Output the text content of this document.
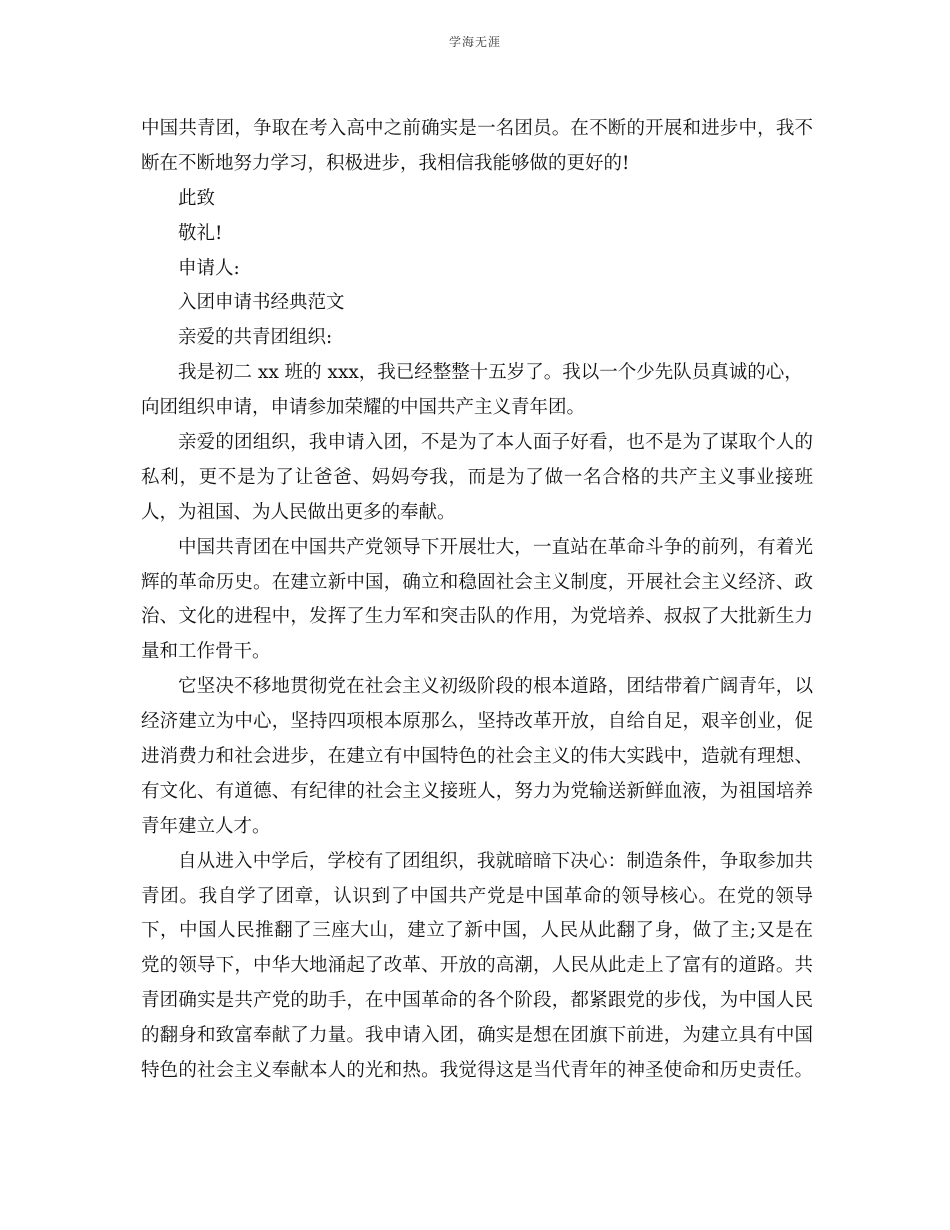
学海无涯
中国共青团，争取在考入高中之前确实是一名团员。在不断的开展和进步中，我不
断在不断地努力学习，积极进步，我相信我能够做的更好的!
此致
敬礼!
申请人:
入团申请书经典范文
亲爱的共青团组织:
我是初二 xx 班的 xxx，我已经整整十五岁了。我以一个少先队员真诚的心，
向团组织申请，申请参加荣耀的中国共产主义青年团。
亲爱的团组织，我申请入团，不是为了本人面子好看，也不是为了谋取个人的
私利，更不是为了让爸爸、妈妈夸我，而是为了做一名合格的共产主义事业接班
人，为祖国、为人民做出更多的奉献。
中国共青团在中国共产党领导下开展壮大，一直站在革命斗争的前列，有着光
辉的革命历史。在建立新中国，确立和稳固社会主义制度，开展社会主义经济、政
治、文化的进程中，发挥了生力军和突击队的作用，为党培养、叔叔了大批新生力
量和工作骨干。
它坚决不移地贯彻党在社会主义初级阶段的根本道路，团结带着广阔青年，以
经济建立为中心，坚持四项根本原那么，坚持改革开放，自给自足，艰辛创业，促
进消费力和社会进步，在建立有中国特色的社会主义的伟大实践中，造就有理想、
有文化、有道德、有纪律的社会主义接班人，努力为党输送新鲜血液，为祖国培养
青年建立人才。
自从进入中学后，学校有了团组织，我就暗暗下决心：制造条件，争取参加共
青团。我自学了团章，认识到了中国共产党是中国革命的领导核心。在党的领导
下，中国人民推翻了三座大山，建立了新中国，人民从此翻了身，做了主;又是在
党的领导下，中华大地涌起了改革、开放的高潮，人民从此走上了富有的道路。共
青团确实是共产党的助手，在中国革命的各个阶段，都紧跟党的步伐，为中国人民
的翻身和致富奉献了力量。我申请入团，确实是想在团旗下前进，为建立具有中国
特色的社会主义奉献本人的光和热。我觉得这是当代青年的神圣使命和历史责任。
